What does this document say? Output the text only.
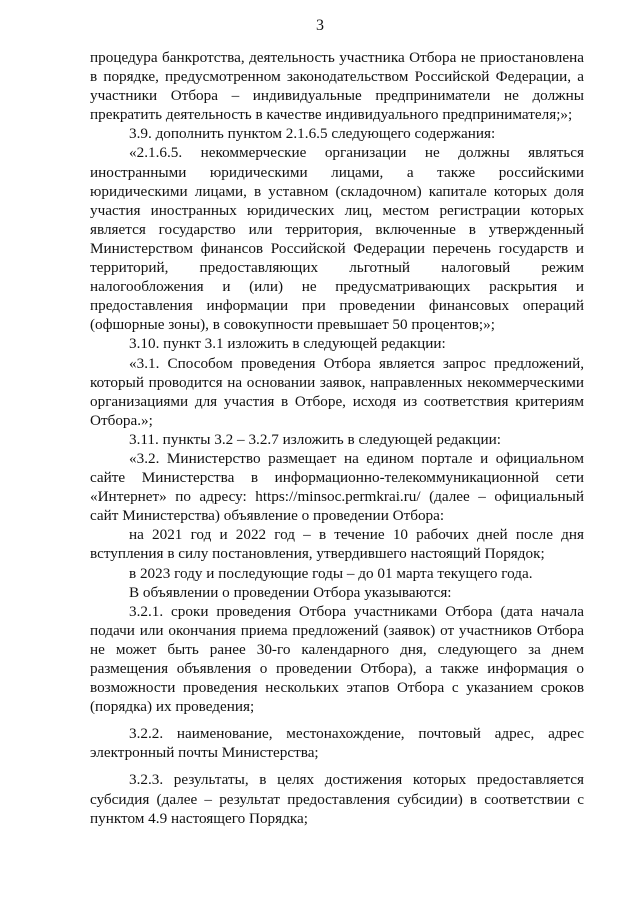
3

процедура банкротства, деятельность участника Отбора не приостановлена в порядке, предусмотренном законодательством Российской Федерации, а участники Отбора – индивидуальные предприниматели не должны прекратить деятельность в качестве индивидуального предпринимателя;»;

3.9. дополнить пунктом 2.1.6.5 следующего содержания:

«2.1.6.5. некоммерческие организации не должны являться иностранными юридическими лицами, а также российскими юридическими лицами, в уставном (складочном) капитале которых доля участия иностранных юридических лиц, местом регистрации которых является государство или территория, включенные в утвержденный Министерством финансов Российской Федерации перечень государств и территорий, предоставляющих льготный налоговый режим налогообложения и (или) не предусматривающих раскрытия и предоставления информации при проведении финансовых операций (офшорные зоны), в совокупности превышает 50 процентов;»;

3.10. пункт 3.1 изложить в следующей редакции:

«3.1. Способом проведения Отбора является запрос предложений, который проводится на основании заявок, направленных некоммерческими организациями для участия в Отборе, исходя из соответствия критериям Отбора.»;

3.11. пункты 3.2 – 3.2.7 изложить в следующей редакции:

«3.2. Министерство размещает на едином портале и официальном сайте Министерства в информационно-телекоммуникационной сети «Интернет» по адресу: https://minsoc.permkrai.ru/ (далее – официальный сайт Министерства) объявление о проведении Отбора:

на 2021 год и 2022 год – в течение 10 рабочих дней после дня вступления в силу постановления, утвердившего настоящий Порядок;

в 2023 году и последующие годы – до 01 марта текущего года.

В объявлении о проведении Отбора указываются:

3.2.1. сроки проведения Отбора участниками Отбора (дата начала подачи или окончания приема предложений (заявок) от участников Отбора не может быть ранее 30-го календарного дня, следующего за днем размещения объявления о проведении Отбора), а также информация о возможности проведения нескольких этапов Отбора с указанием сроков (порядка) их проведения;

3.2.2. наименование, местонахождение, почтовый адрес, адрес электронный почты Министерства;

3.2.3. результаты, в целях достижения которых предоставляется субсидия (далее – результат предоставления субсидии) в соответствии с пунктом 4.9 настоящего Порядка;
